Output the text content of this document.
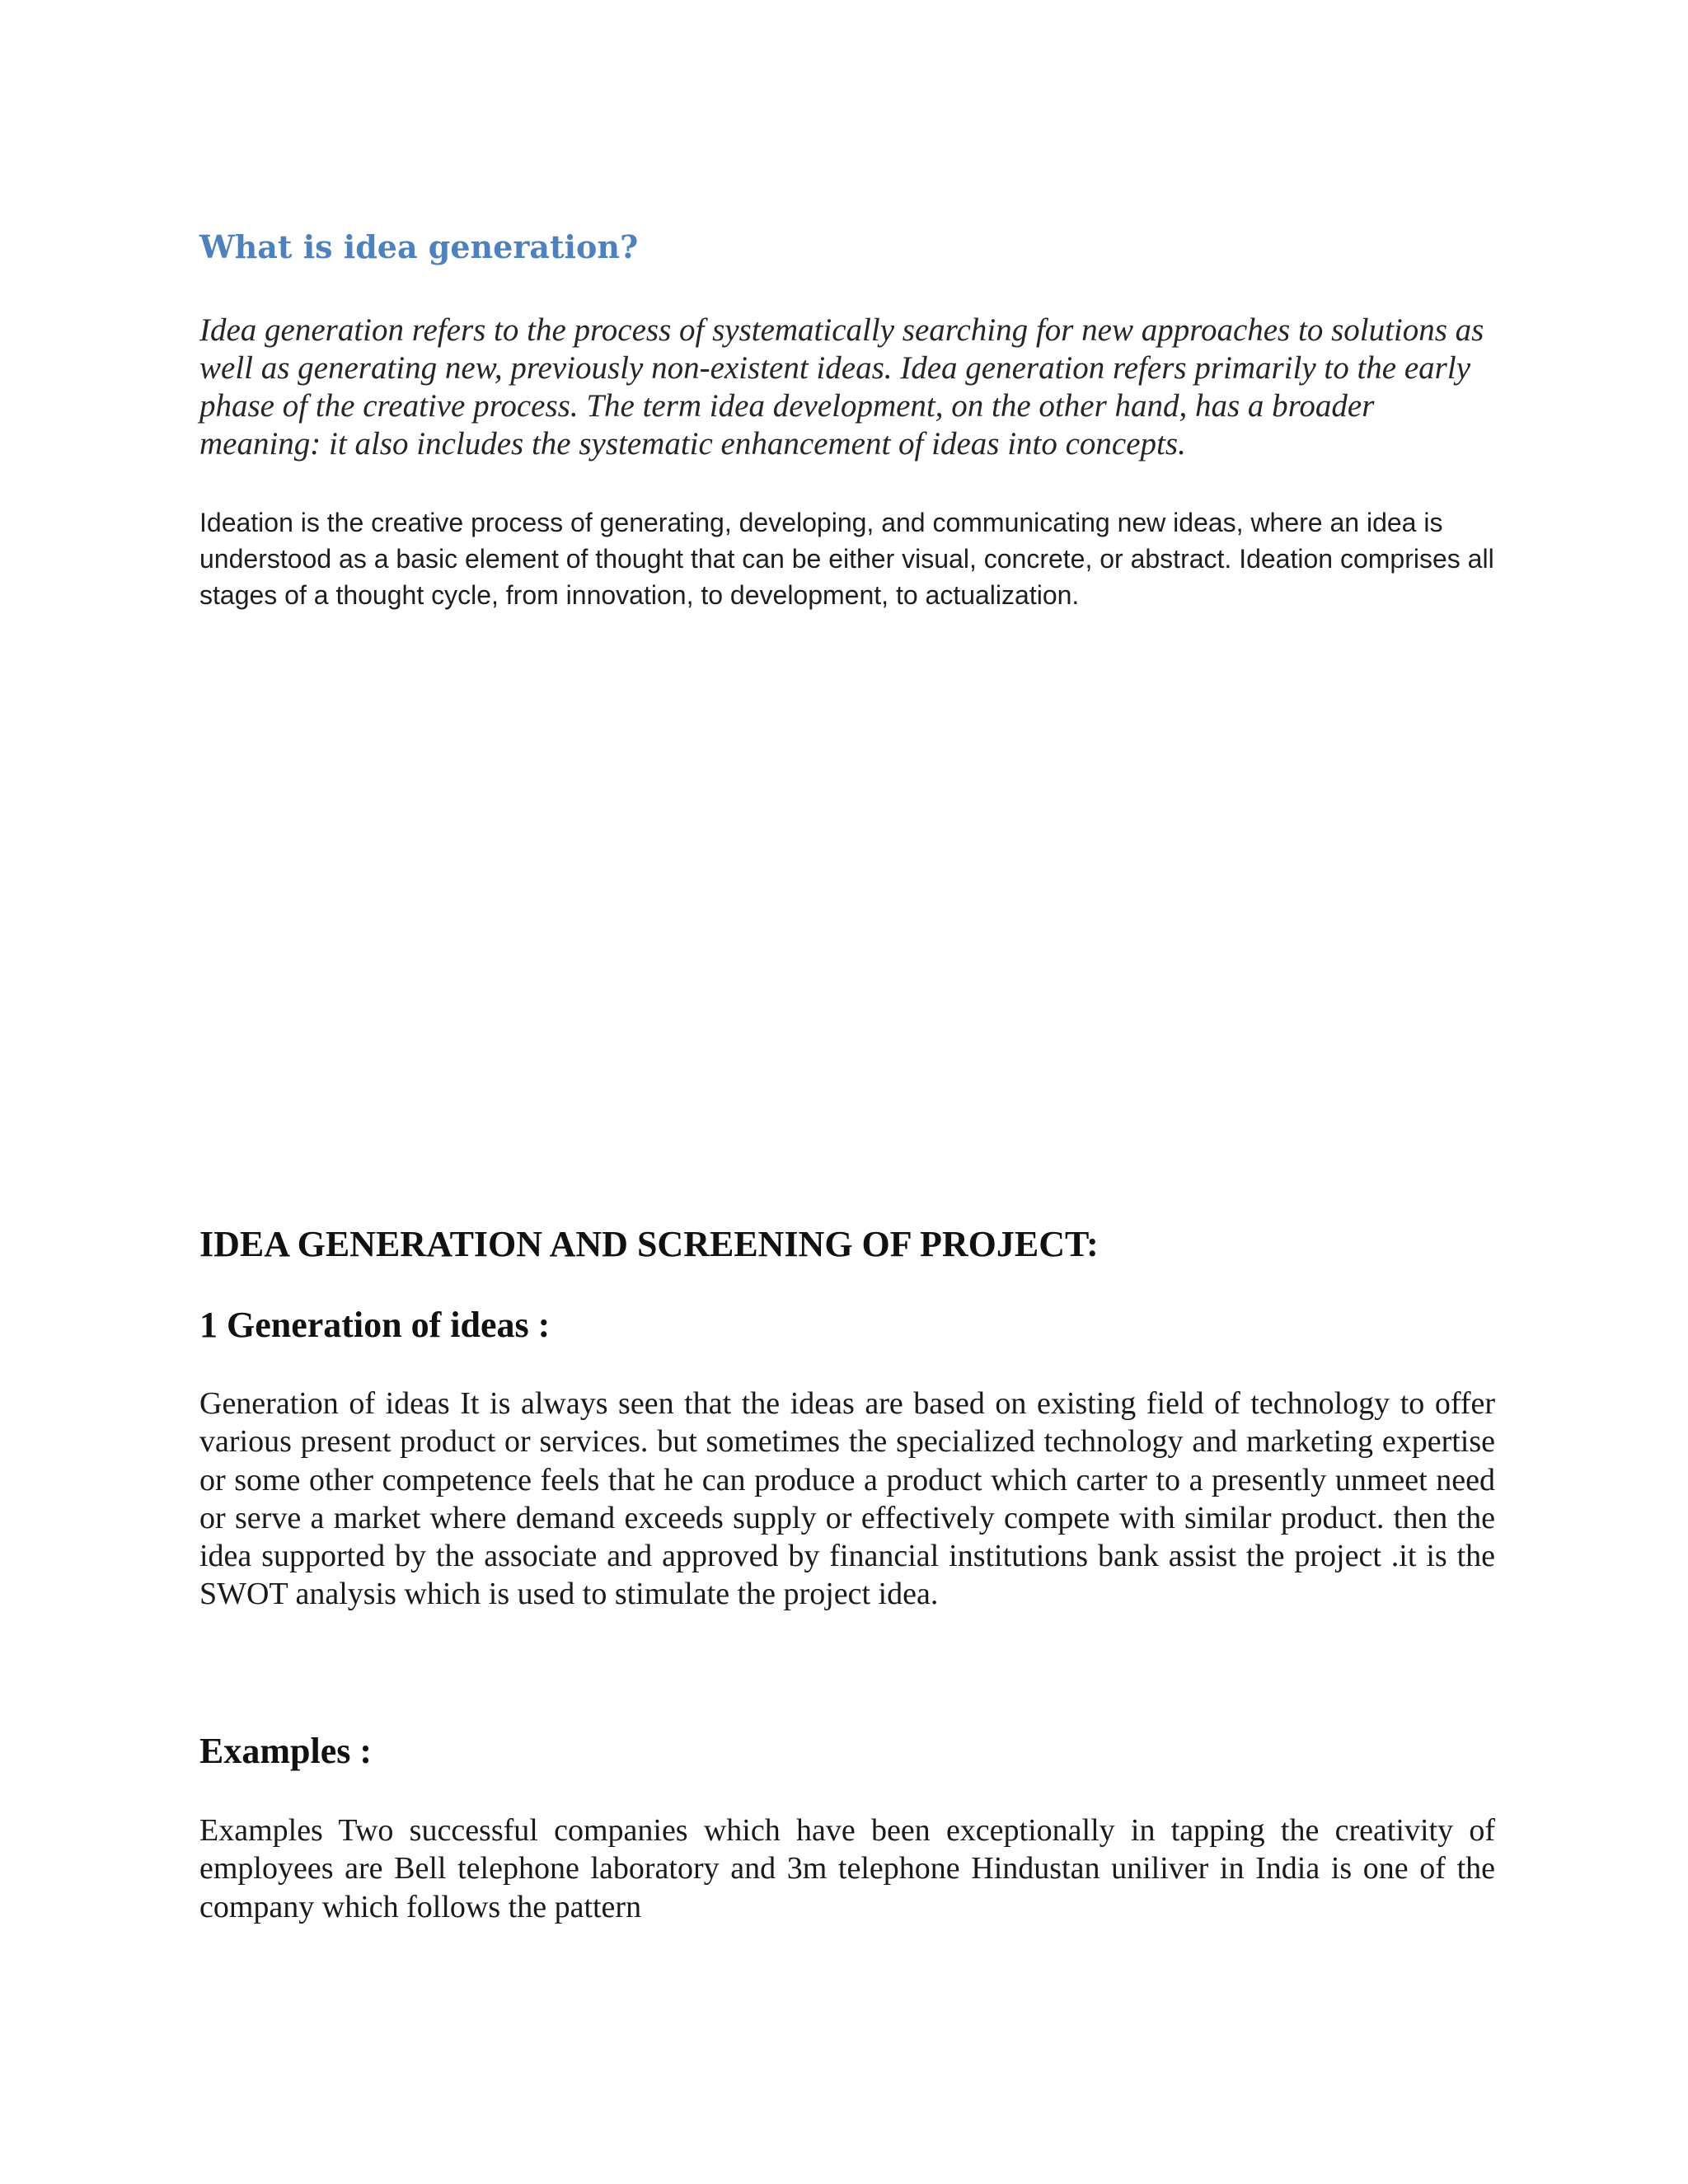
What is idea generation?

Idea generation refers to the process of systematically searching for new approaches to solutions as well as generating new, previously non-existent ideas. Idea generation refers primarily to the early phase of the creative process. The term idea development, on the other hand, has a broader meaning: it also includes the systematic enhancement of ideas into concepts.

Ideation is the creative process of generating, developing, and communicating new ideas, where an idea is understood as a basic element of thought that can be either visual, concrete, or abstract. Ideation comprises all stages of a thought cycle, from innovation, to development, to actualization.

IDEA GENERATION AND SCREENING OF PROJECT:

1 Generation of ideas :

Generation of ideas It is always seen that the ideas are based on existing field of technology to offer various present product or services. but sometimes the specialized technology and marketing expertise or some other competence feels that he can produce a product which carter to a presently unmeet need or serve a market where demand exceeds supply or effectively compete with similar product. then the idea supported by the associate and approved by financial institutions bank assist the project .it is the SWOT analysis which is used to stimulate the project idea.

Examples :

Examples Two successful companies which have been exceptionally in tapping the creativity of employees are Bell telephone laboratory and 3m telephone Hindustan uniliver in India is one of the company which follows the pattern
